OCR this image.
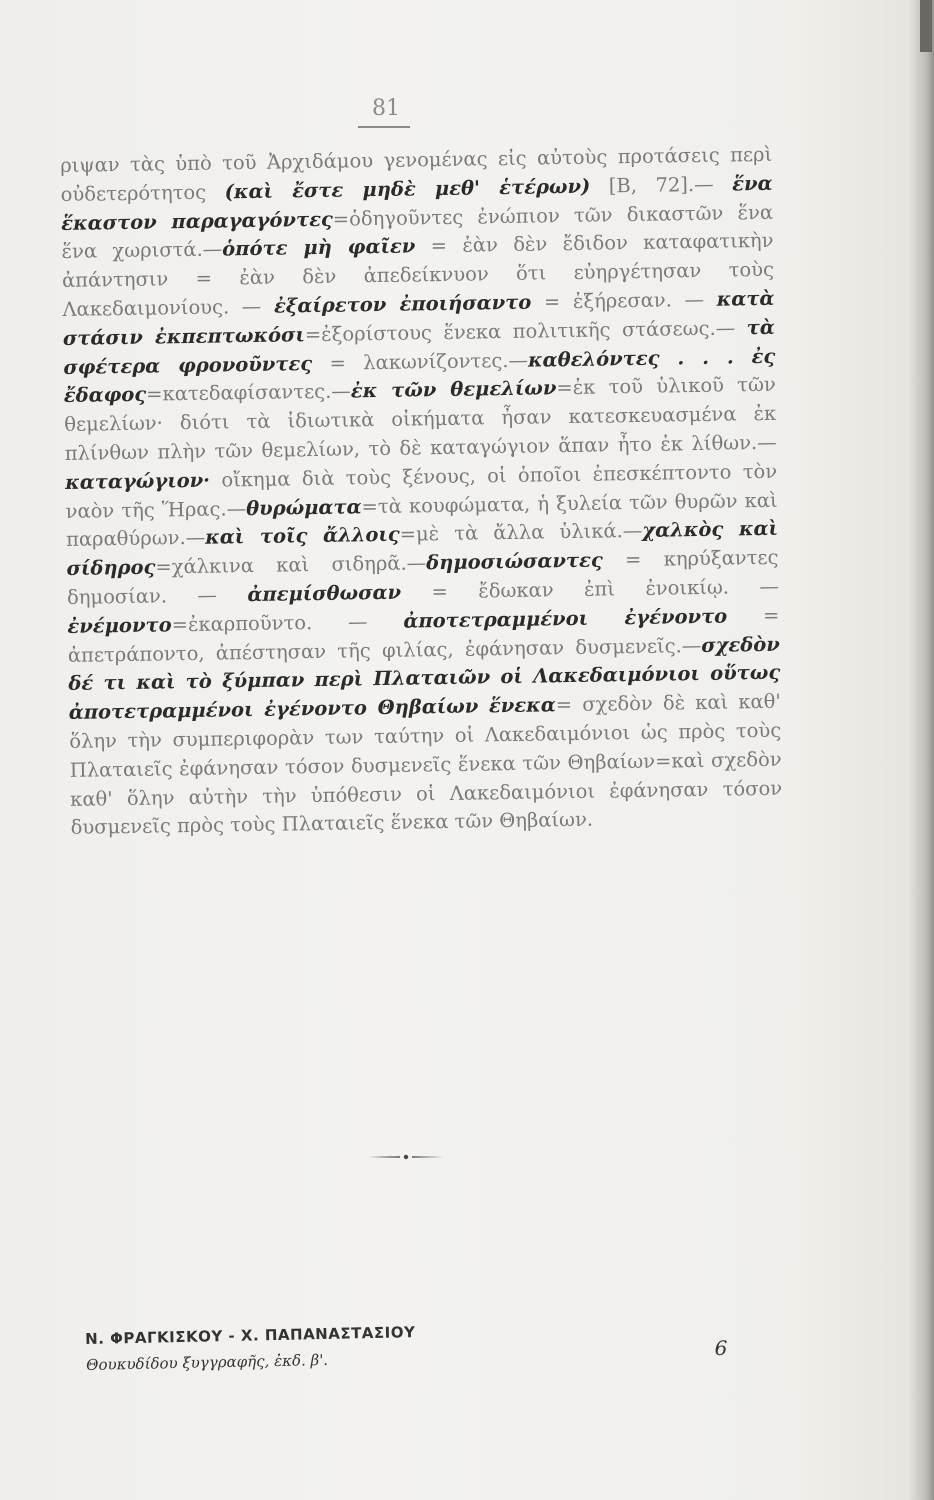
81

ριψαν τὰς ὑπὸ τοῦ Ἀρχιδάμου γενομένας εἰς αὐτοὺς προτάσεις περὶ οὐδετερότητος (καὶ ἔστε μηδὲ μεθ' ἑτέρων) [Β, 72].— ἕνα ἕκαστον παραγαγόντες=ὁδηγοῦντες ἐνώπιον τῶν δικαστῶν ἕνα ἕνα χωριστά.—ὁπότε μὴ φαῖεν = ἐὰν δὲν ἔδιδον καταφατικὴν ἀπάντησιν = ἐὰν δὲν ἀπεδείκνυον ὅτι εὐηργέτησαν τοὺς Λακεδαιμονίους. — ἐξαίρετον ἐποιήσαντο = ἐξήρεσαν. — κατὰ στάσιν ἐκπεπτωκόσι=ἐξορίστους ἕνεκα πολιτικῆς στάσεως.— τὰ σφέτερα φρονοῦντες = λακωνίζοντες.—καθελόντες . . . ἐς ἔδαφος=κατεδαφίσαντες.—ἐκ τῶν θεμελίων=ἐκ τοῦ ὑλικοῦ τῶν θεμελίων· διότι τὰ ἰδιωτικὰ οἰκήματα ἦσαν κατεσκευασμένα ἐκ πλίνθων πλὴν τῶν θεμελίων, τὸ δὲ καταγώγιον ἅπαν ἦτο ἐκ λίθων.—καταγώγιον· οἴκημα διὰ τοὺς ξένους, οἱ ὁποῖοι ἐπεσκέπτοντο τὸν ναὸν τῆς Ἥρας.—θυρώματα=τὰ κουφώματα, ἡ ξυλεία τῶν θυρῶν καὶ παραθύρων.—καὶ τοῖς ἄλλοις=μὲ τὰ ἄλλα ὑλικά.—χαλκὸς καὶ σίδηρος=χάλκινα καὶ σιδηρᾶ.—δημοσιώσαντες = κηρύξαντες δημοσίαν. — ἀπεμίσθωσαν = ἔδωκαν ἐπὶ ἐνοικίῳ. — ἐνέμοντο=ἐκαρποῦντο. — ἀποτετραμμένοι ἐγένοντο = ἀπετράποντο, ἀπέστησαν τῆς φιλίας, ἐφάνησαν δυσμενεῖς.—σχεδὸν δέ τι καὶ τὸ ξύμπαν περὶ Πλαταιῶν οἱ Λακεδαιμόνιοι οὕτως ἀποτετραμμένοι ἐγένοντο Θηβαίων ἕνεκα= σχεδὸν δὲ καὶ καθ' ὅλην τὴν συμπεριφορὰν των ταύτην οἱ Λακεδαιμόνιοι ὡς πρὸς τοὺς Πλαταιεῖς ἐφάνησαν τόσον δυσμενεῖς ἕνεκα τῶν Θηβαίων=καὶ σχεδὸν καθ' ὅλην αὐτὴν τὴν ὑπόθεσιν οἱ Λακεδαιμόνιοι ἐφάνησαν τόσον δυσμενεῖς πρὸς τοὺς Πλαταιεῖς ἕνεκα τῶν Θηβαίων.

Ν. ΦΡΑΓΚΙΣΚΟΥ - Χ. ΠΑΠΑΝΑΣΤΑΣΙΟΥ
Θουκυδίδου ξυγγραφῆς, ἐκδ. β'.
6
